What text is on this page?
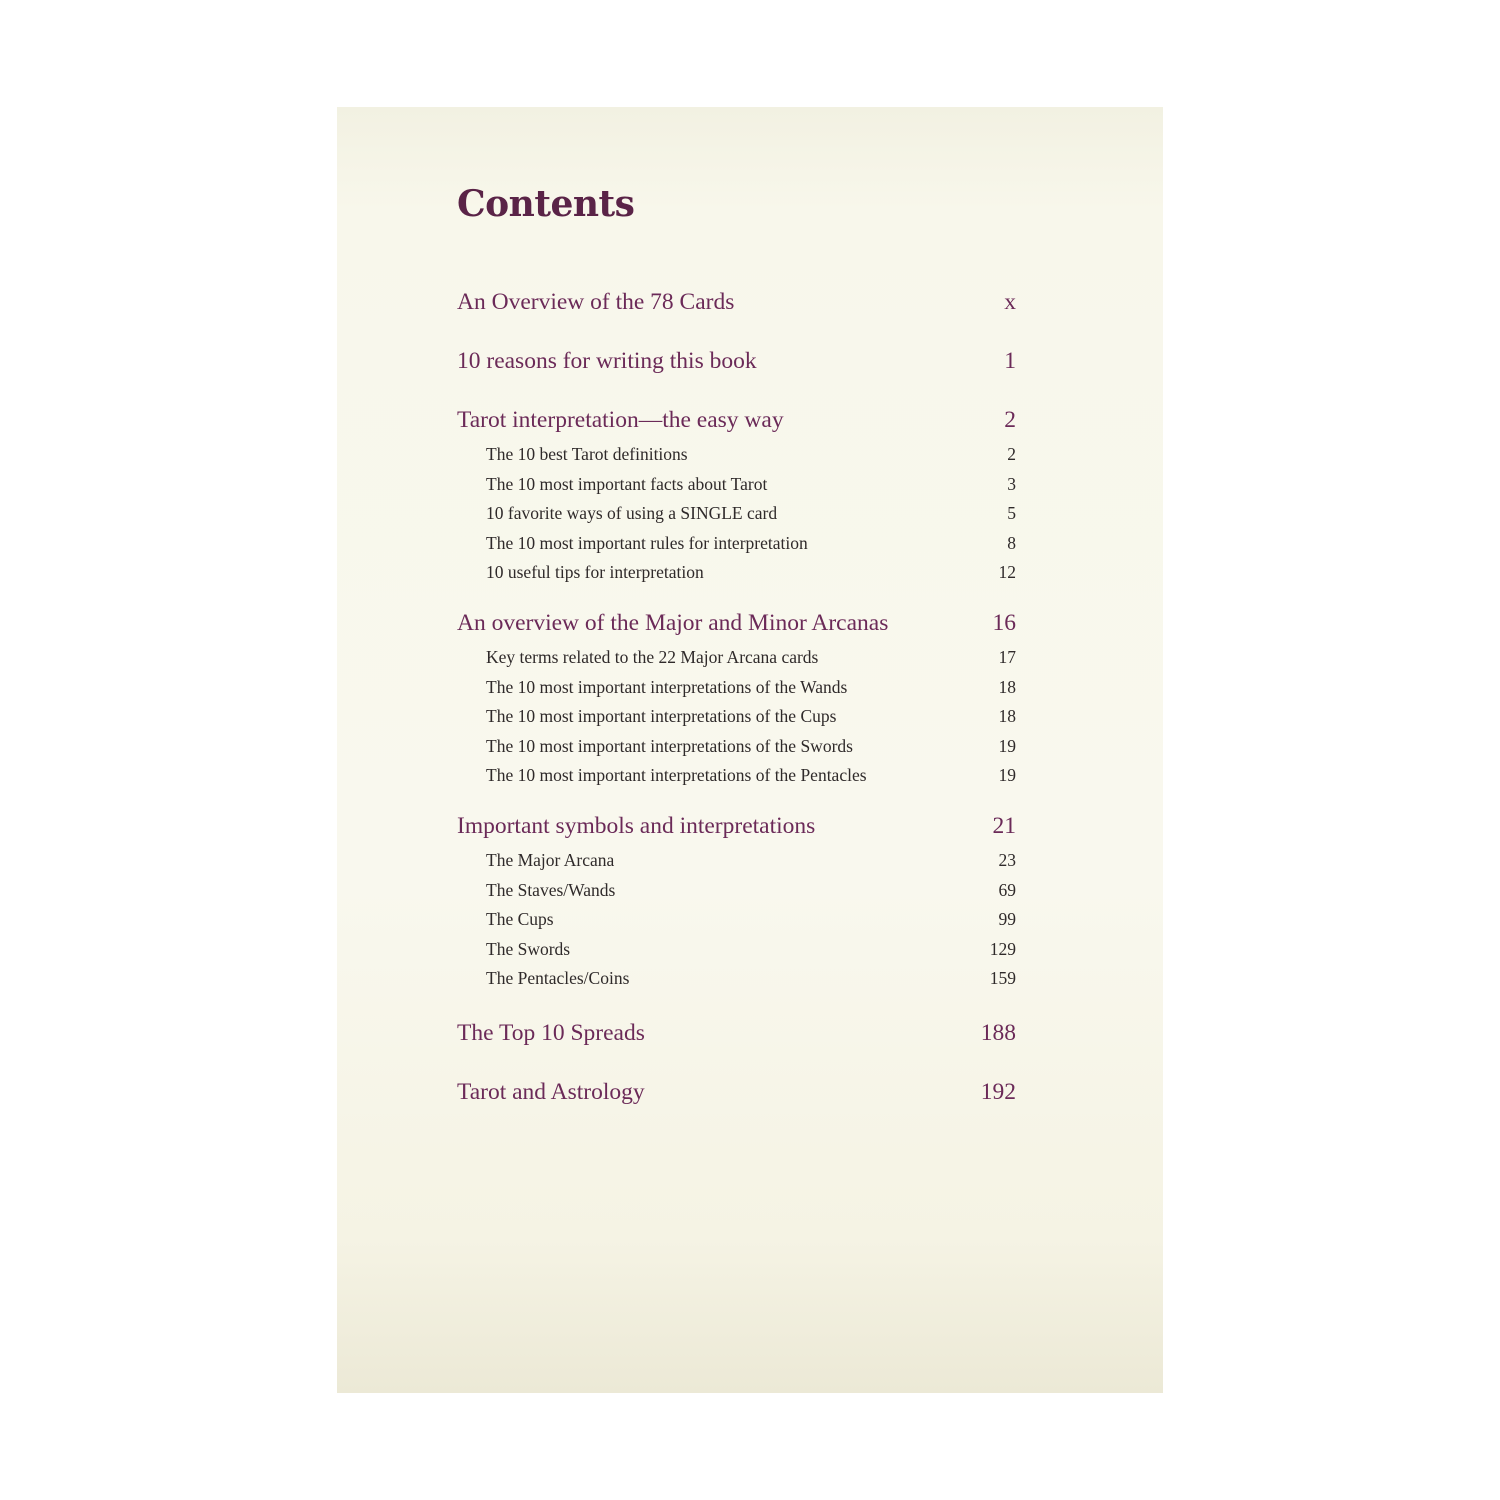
Contents
An Overview of the 78 Cards	x
10 reasons for writing this book	1
Tarot interpretation—the easy way	2
The 10 best Tarot definitions	2
The 10 most important facts about Tarot	3
10 favorite ways of using a SINGLE card	5
The 10 most important rules for interpretation	8
10 useful tips for interpretation	12
An overview of the Major and Minor Arcanas	16
Key terms related to the 22 Major Arcana cards	17
The 10 most important interpretations of the Wands	18
The 10 most important interpretations of the Cups	18
The 10 most important interpretations of the Swords	19
The 10 most important interpretations of the Pentacles	19
Important symbols and interpretations	21
The Major Arcana	23
The Staves/Wands	69
The Cups	99
The Swords	129
The Pentacles/Coins	159
The Top 10 Spreads	188
Tarot and Astrology	192
